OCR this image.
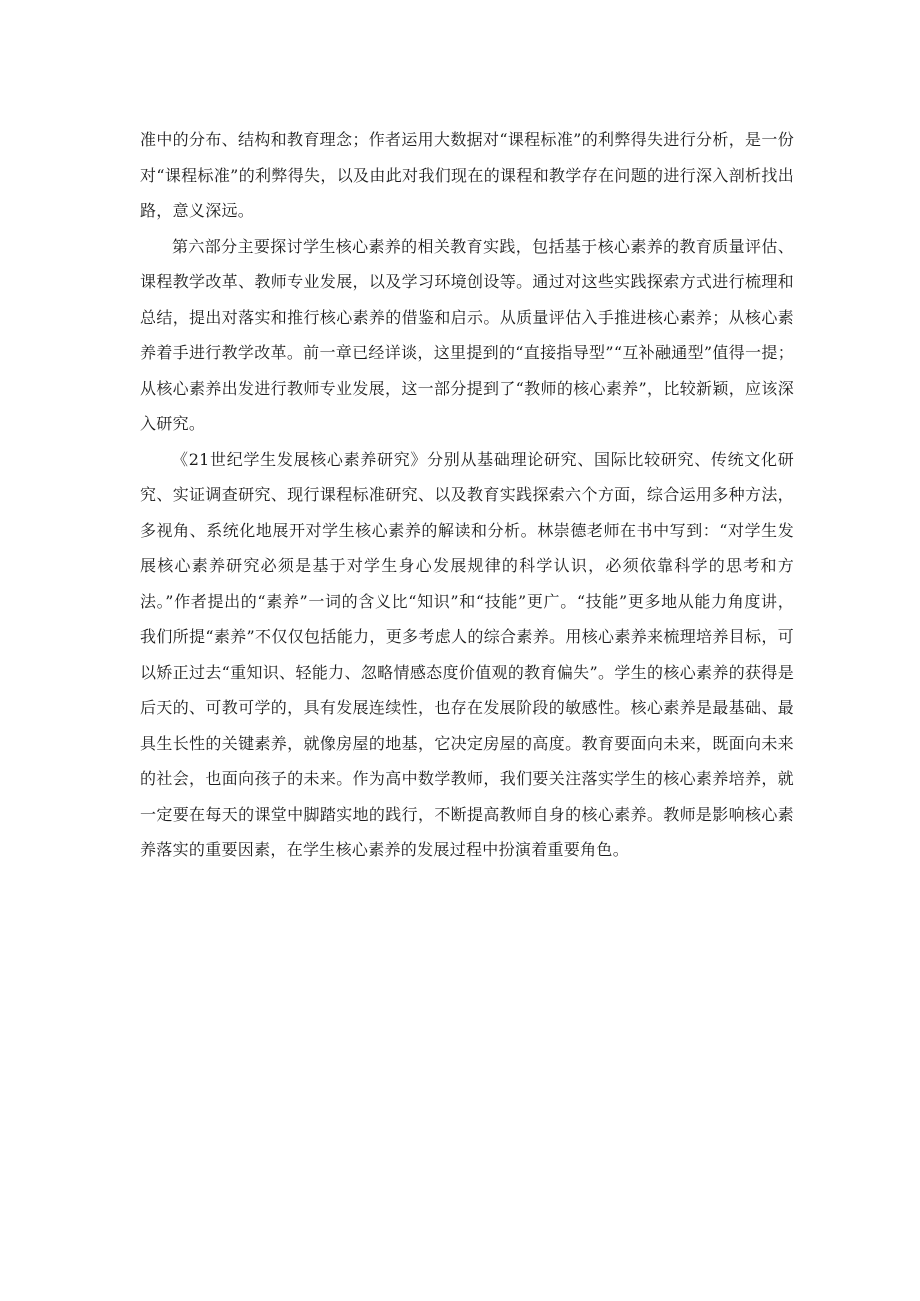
准中的分布、结构和教育理念；作者运用大数据对“课程标准”的利弊得失进行分析，是一份对“课程标准”的利弊得失，以及由此对我们现在的课程和教学存在问题的进行深入剖析找出路，意义深远。

第六部分主要探讨学生核心素养的相关教育实践，包括基于核心素养的教育质量评估、课程教学改革、教师专业发展，以及学习环境创设等。通过对这些实践探索方式进行梳理和总结，提出对落实和推行核心素养的借鉴和启示。从质量评估入手推进核心素养；从核心素养着手进行教学改革。前一章已经详谈，这里提到的“直接指导型”“互补融通型”值得一提；从核心素养出发进行教师专业发展，这一部分提到了“教师的核心素养”，比较新颖，应该深入研究。

《21世纪学生发展核心素养研究》分别从基础理论研究、国际比较研究、传统文化研究、实证调查研究、现行课程标准研究、以及教育实践探索六个方面，综合运用多种方法，多视角、系统化地展开对学生核心素养的解读和分析。林崇德老师在书中写到：“对学生发展核心素养研究必须是基于对学生身心发展规律的科学认识，必须依靠科学的思考和方法。”作者提出的“素养”一词的含义比“知识”和“技能”更广。“技能”更多地从能力角度讲，我们所提“素养”不仅仅包括能力，更多考虑人的综合素养。用核心素养来梳理培养目标，可以矫正过去“重知识、轻能力、忽略情感态度价值观的教育偏失”。学生的核心素养的获得是后天的、可教可学的，具有发展连续性，也存在发展阶段的敏感性。核心素养是最基础、最具生长性的关键素养，就像房屋的地基，它决定房屋的高度。教育要面向未来，既面向未来的社会，也面向孩子的未来。作为高中数学教师，我们要关注落实学生的核心素养培养，就一定要在每天的课堂中脚踏实地的践行，不断提高教师自身的核心素养。教师是影响核心素养落实的重要因素，在学生核心素养的发展过程中扮演着重要角色。
